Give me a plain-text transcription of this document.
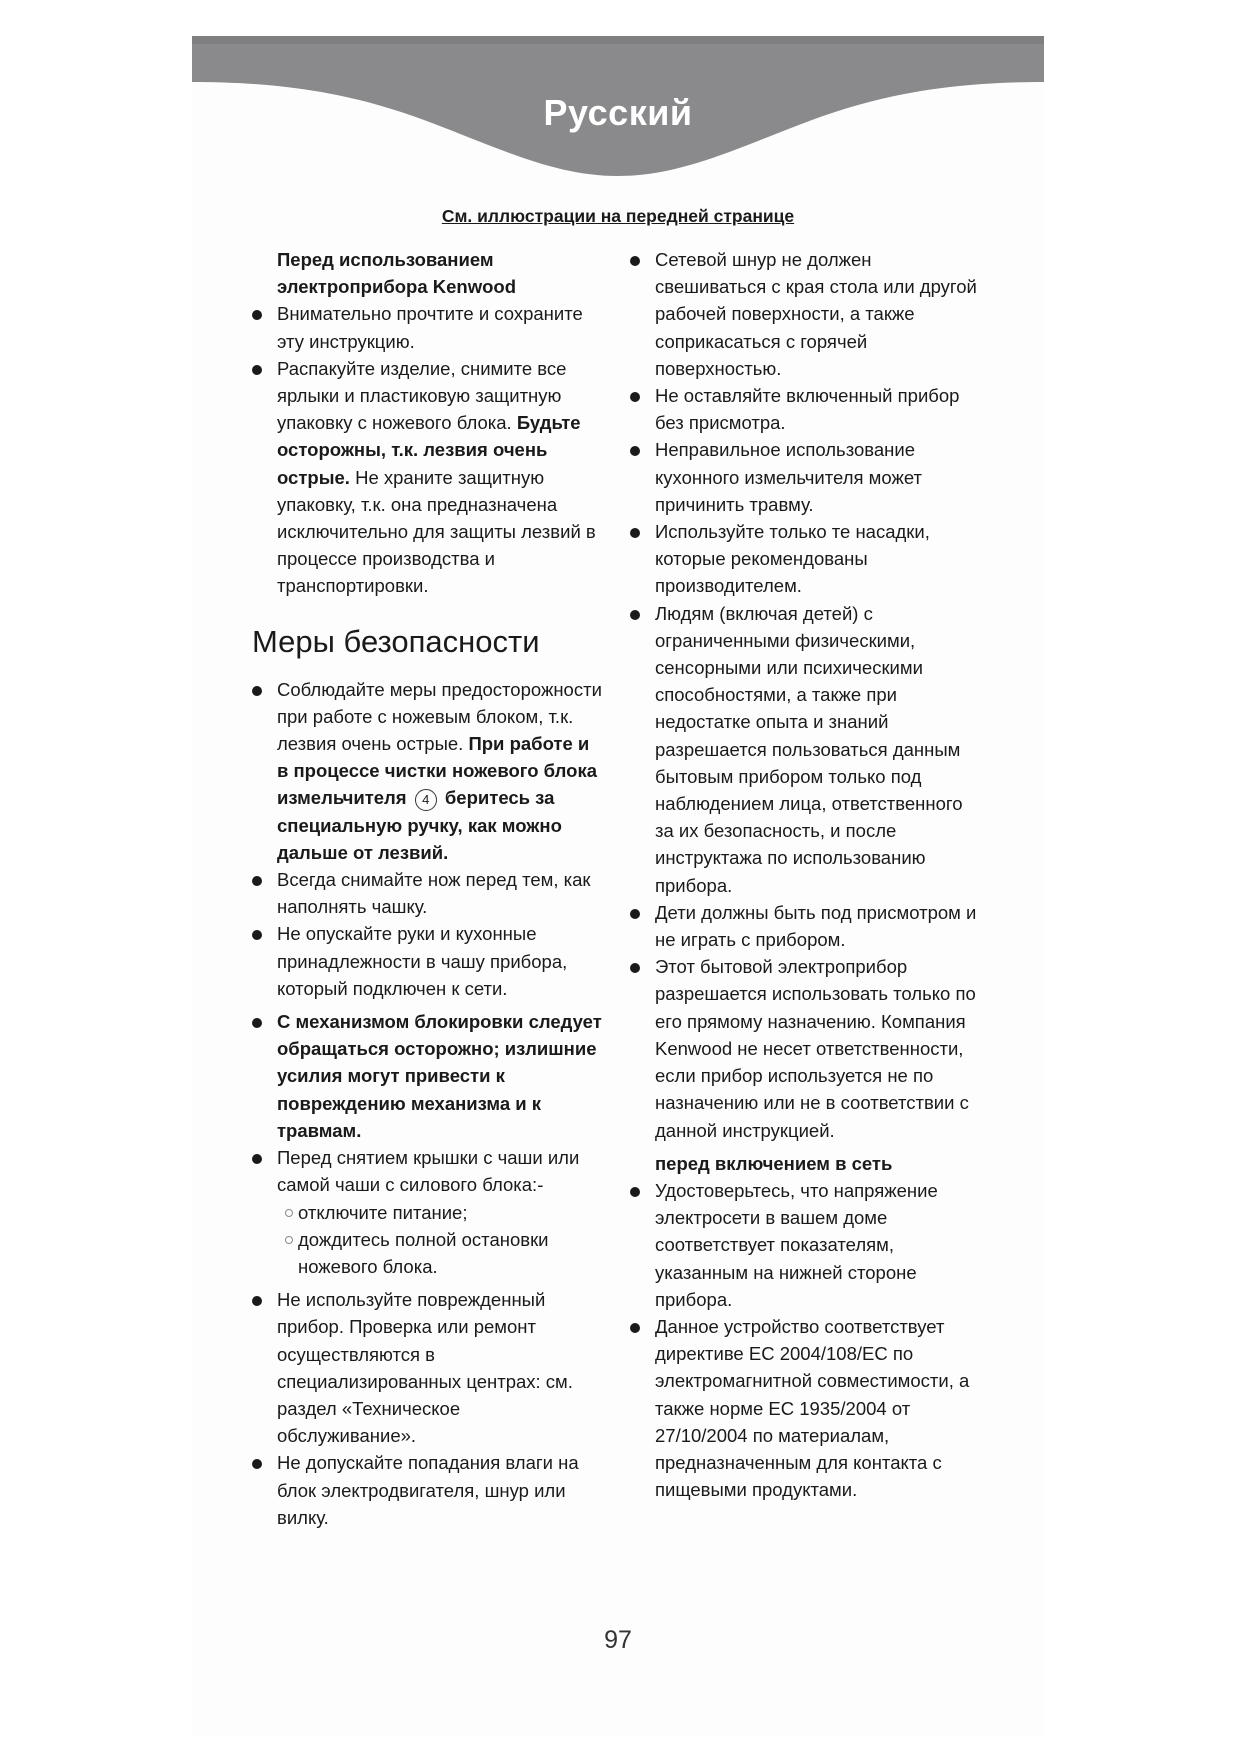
Русский
См. иллюстрации на передней странице

Перед использованием
электроприбора Kenwood

Внимательно прочтите и сохраните эту инструкцию.

Распакуйте изделие, снимите все ярлыки и пластиковую защитную упаковку с ножевого блока. Будьте осторожны, т.к. лезвия очень острые. Не храните защитную упаковку, т.к. она предназначена исключительно для защиты лезвий в процессе производства и транспортировки.

Меры безопасности

Соблюдайте меры предосторожности при работе с ножевым блоком, т.к. лезвия очень острые. При работе и в процессе чистки ножевого блока измельчителя 4 беритесь за специальную ручку, как можно дальше от лезвий.

Всегда снимайте нож перед тем, как наполнять чашку.

Не опускайте руки и кухонные принадлежности в чашу прибора, который подключен к сети.

С механизмом блокировки следует обращаться осторожно; излишние усилия могут привести к повреждению механизма и к травмам.

Перед снятием крышки с чаши или самой чаши с силового блока:-

отключите питание;

дождитесь полной остановки ножевого блока.

Не используйте поврежденный прибор. Проверка или ремонт осуществляются в специализированных центрах: см. раздел «Техническое обслуживание».

Не допускайте попадания влаги на блок электродвигателя, шнур или вилку.

Сетевой шнур не должен свешиваться с края стола или другой рабочей поверхности, а также соприкасаться с горячей поверхностью.

Не оставляйте включенный прибор без присмотра.

Неправильное использование кухонного измельчителя может причинить травму.

Используйте только те насадки, которые рекомендованы производителем.

Людям (включая детей) с ограниченными физическими, сенсорными или психическими способностями, а также при недостатке опыта и знаний разрешается пользоваться данным бытовым прибором только под наблюдением лица, ответственного за их безопасность, и после инструктажа по использованию прибора.

Дети должны быть под присмотром и не играть с прибором.

Этот бытовой электроприбор разрешается использовать только по его прямому назначению. Компания Kenwood не несет ответственности, если прибор используется не по назначению или не в соответствии с данной инструкцией.

перед включением в сеть

Удостоверьтесь, что напряжение электросети в вашем доме соответствует показателям, указанным на нижней стороне прибора.

Данное устройство соответствует директиве ЕС 2004/108/ЕС по электромагнитной совместимости, а также норме ЕС 1935/2004 от 27/10/2004 по материалам, предназначенным для контакта с пищевыми продуктами.

97
